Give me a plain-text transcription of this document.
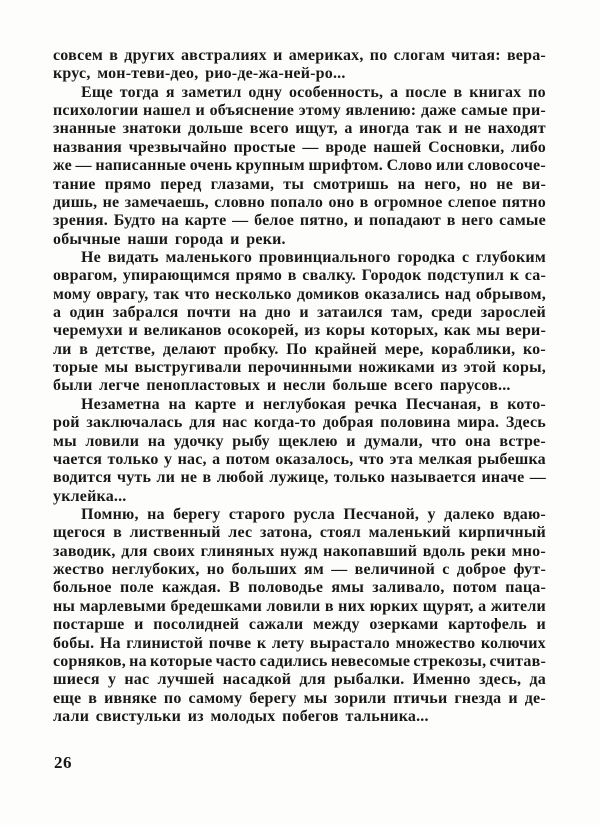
совсем в других австралиях и америках, по слогам читая: вера-
крус, мон-теви-део, рио-де-жа-ней-ро...
Еще тогда я заметил одну особенность, а после в книгах по
психологии нашел и объяснение этому явлению: даже самые при-
знанные знатоки дольше всего ищут, а иногда так и не находят
названия чрезвычайно простые — вроде нашей Сосновки, либо
же — написанные очень крупным шрифтом. Слово или словосоче-
тание прямо перед глазами, ты смотришь на него, но не ви-
дишь, не замечаешь, словно попало оно в огромное слепое пятно
зрения. Будто на карте — белое пятно, и попадают в него самые
обычные наши города и реки.
Не видать маленького провинциального городка с глубоким
оврагом, упирающимся прямо в свалку. Городок подступил к са-
мому оврагу, так что несколько домиков оказались над обрывом,
а один забрался почти на дно и затаился там, среди зарослей
черемухи и великанов осокорей, из коры которых, как мы вери-
ли в детстве, делают пробку. По крайней мере, кораблики, ко-
торые мы выстругивали перочинными ножиками из этой коры,
были легче пенопластовых и несли больше всего парусов...
Незаметна на карте и неглубокая речка Песчаная, в кото-
рой заключалась для нас когда-то добрая половина мира. Здесь
мы ловили на удочку рыбу щеклею и думали, что она встре-
чается только у нас, а потом оказалось, что эта мелкая рыбешка
водится чуть ли не в любой лужице, только называется иначе —
уклейка...
Помню, на берегу старого русла Песчаной, у далеко вдаю-
щегося в лиственный лес затона, стоял маленький кирпичный
заводик, для своих глиняных нужд накопавший вдоль реки мно-
жество неглубоких, но больших ям — величиной с доброе фут-
больное поле каждая. В половодье ямы заливало, потом паца-
ны марлевыми бредешками ловили в них юрких щурят, а жители
постарше и посолидней сажали между озерками картофель и
бобы. На глинистой почве к лету вырастало множество колючих
сорняков, на которые часто садились невесомые стрекозы, считав-
шиеся у нас лучшей насадкой для рыбалки. Именно здесь, да
еще в ивняке по самому берегу мы зорили птичьи гнезда и де-
лали свистульки из молодых побегов тальника...
26
